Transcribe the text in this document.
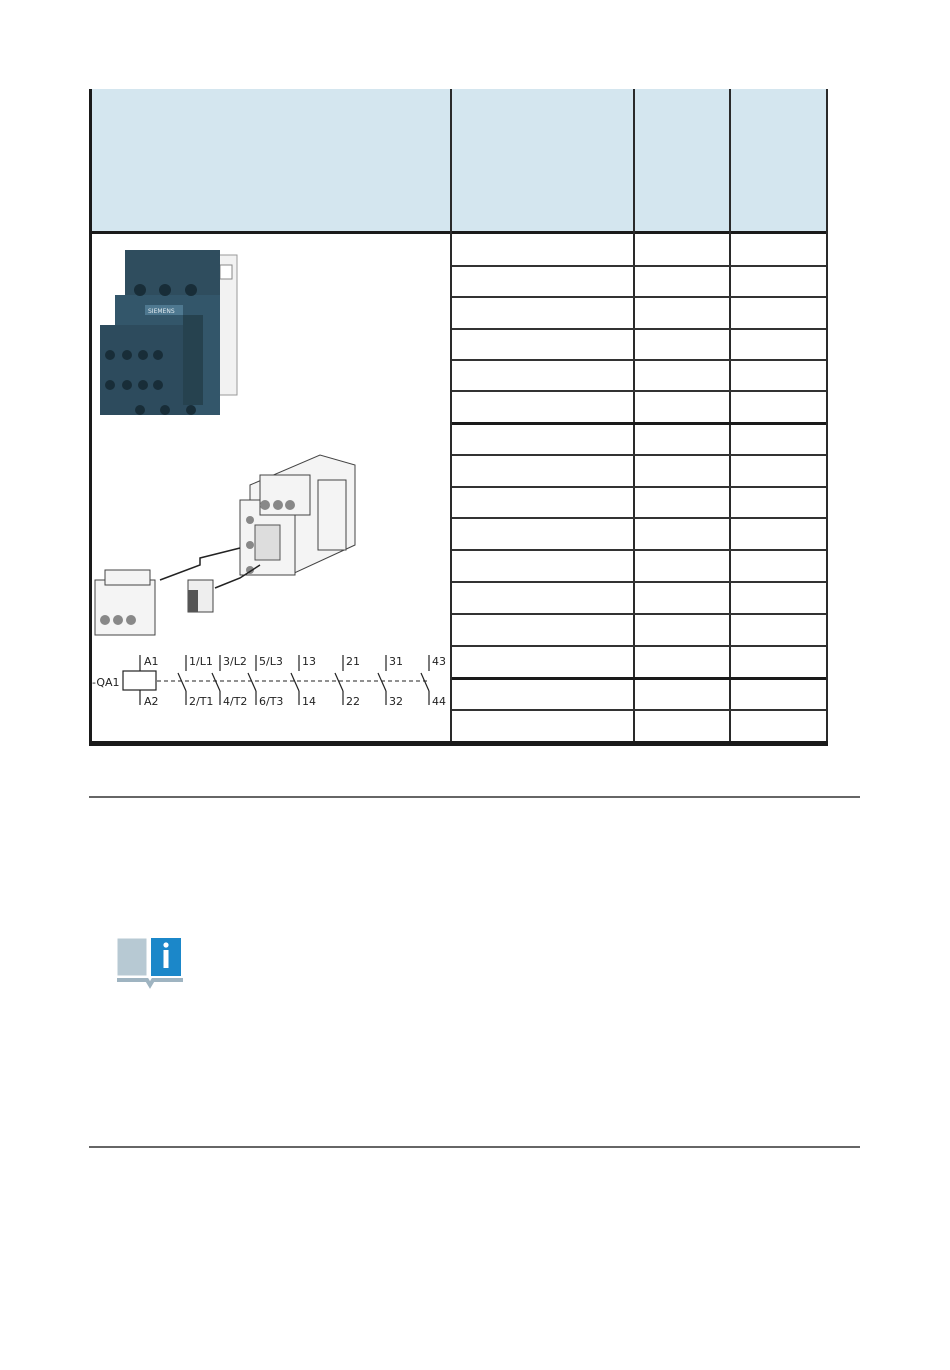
SIEMENS
-QA1
A1
A2
1/L1
2/T1
3/L2
4/T2
5/L3
6/T3
13
14
21
22
31
32
43
44
